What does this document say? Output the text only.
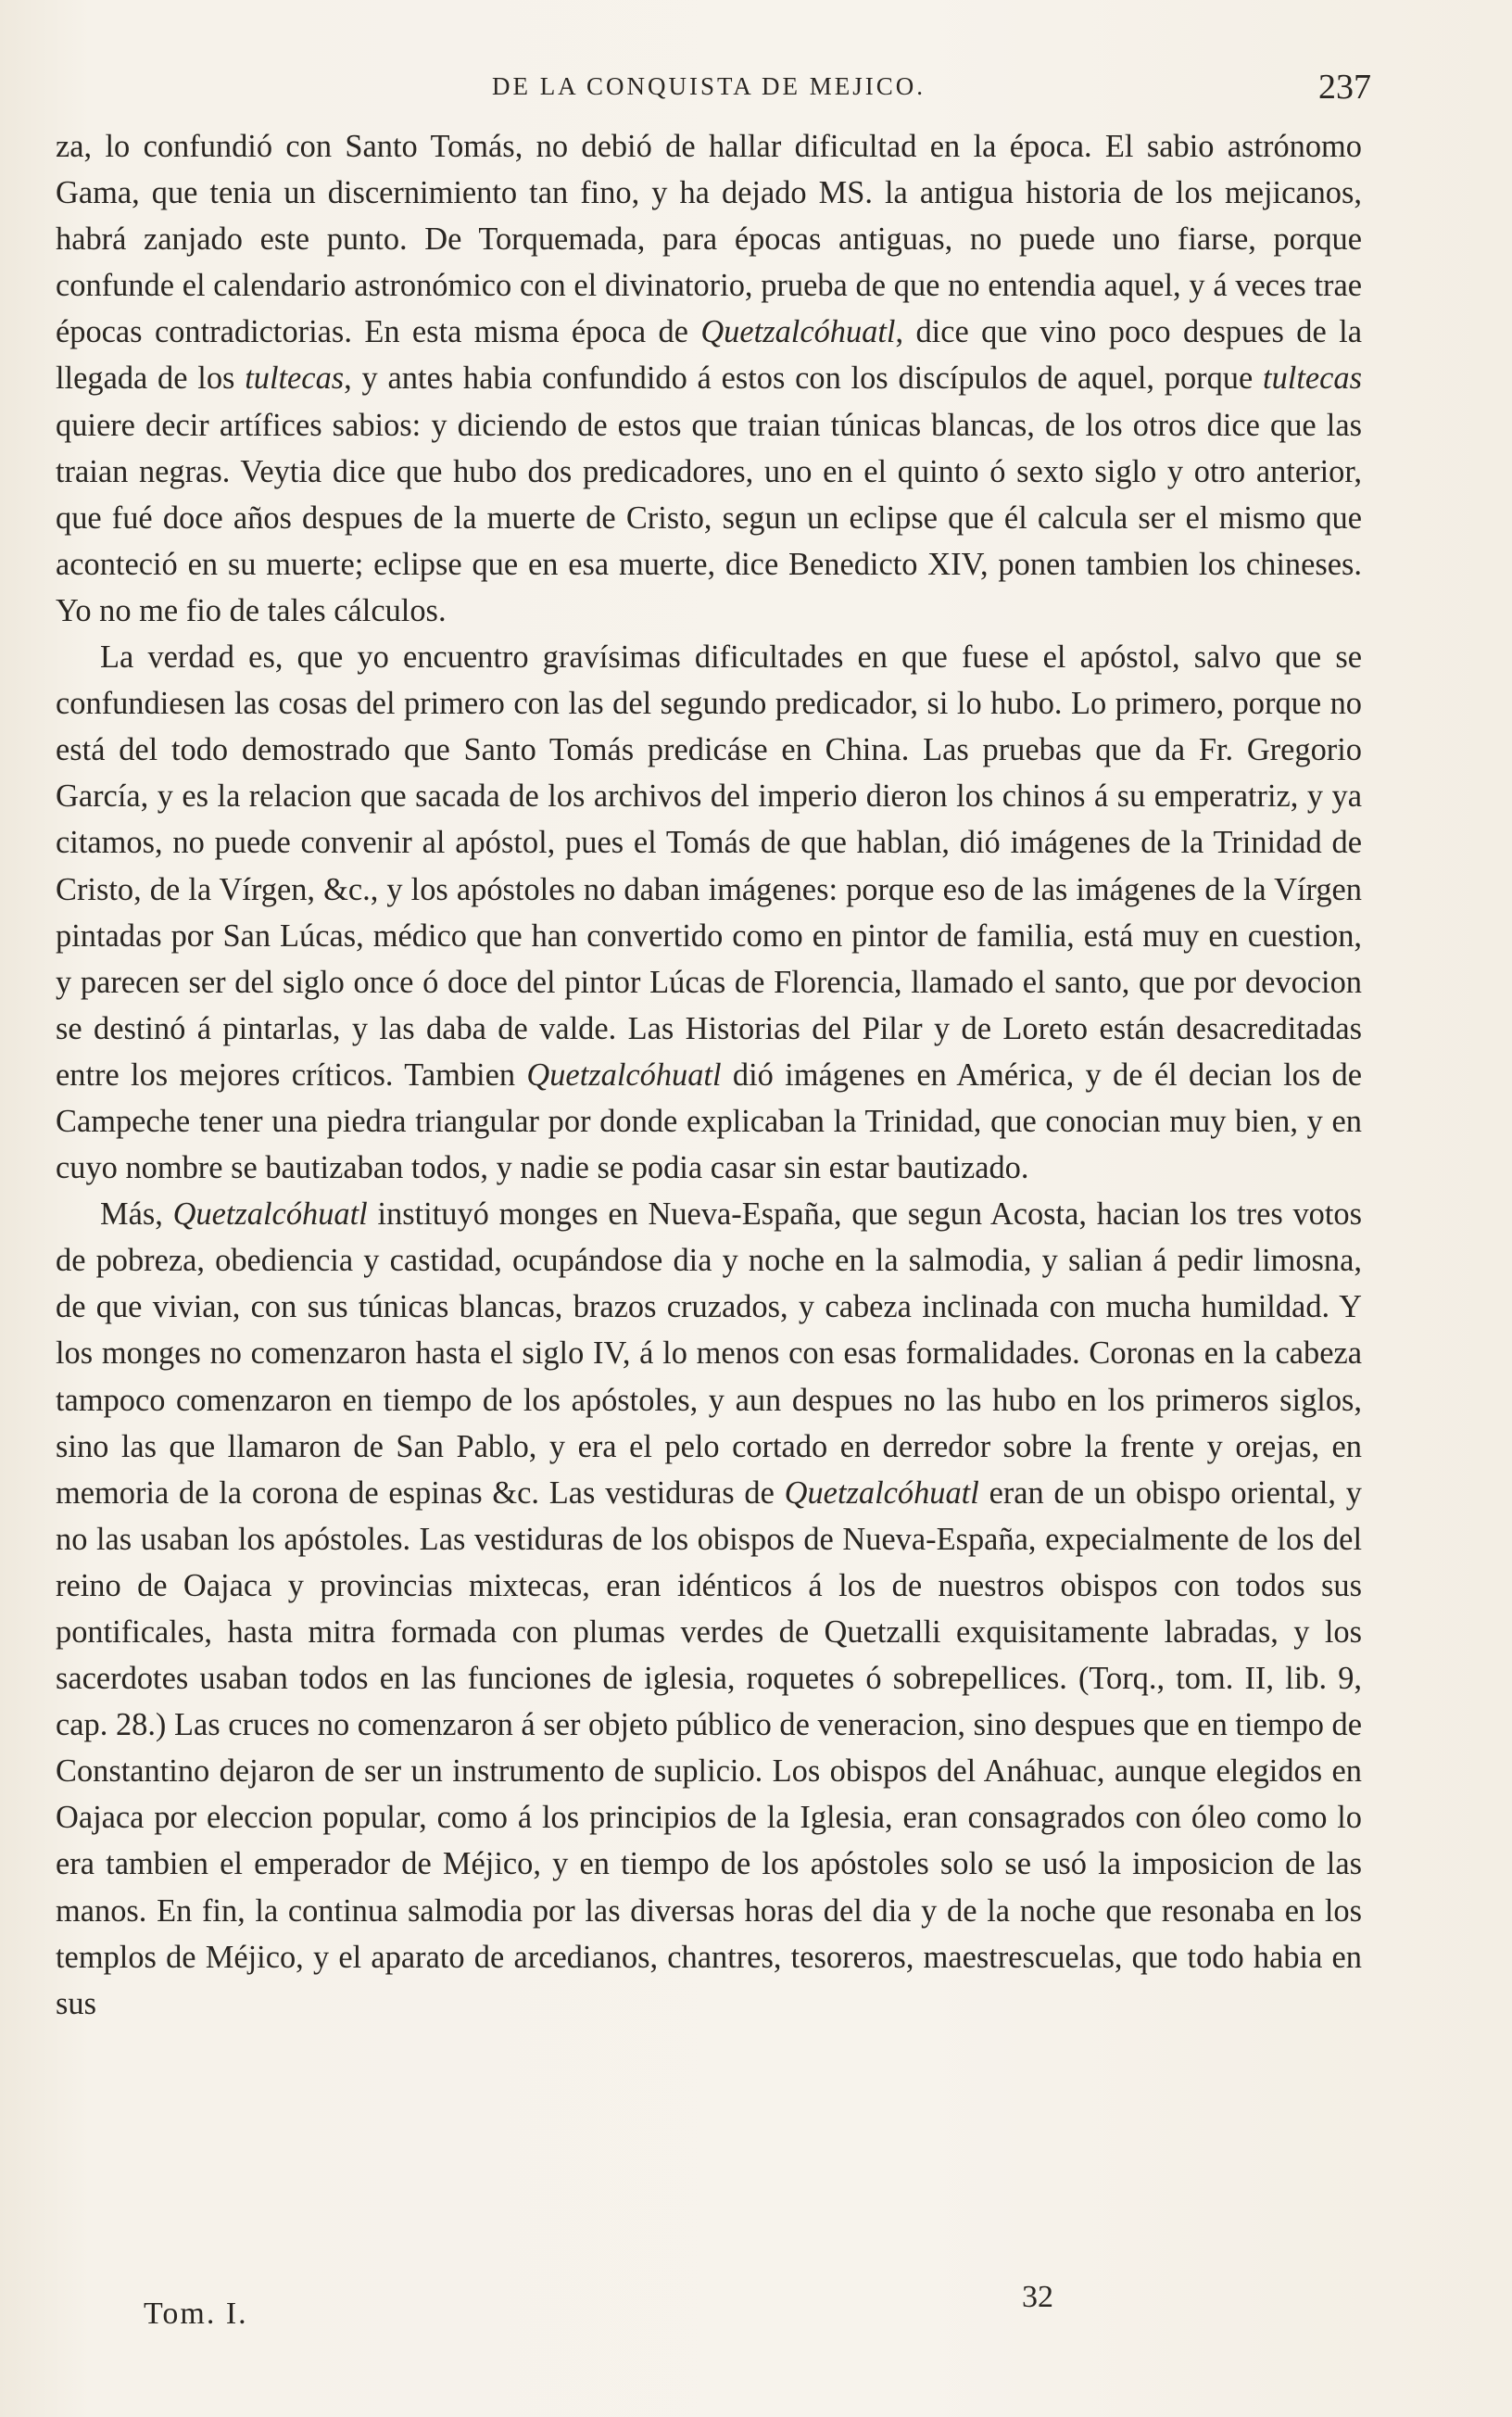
DE LA CONQUISTA DE MEJICO.	237

za, lo confundió con Santo Tomás, no debió de hallar dificultad en la época. El sabio astrónomo Gama, que tenia un discernimiento tan fino, y ha dejado MS. la antigua historia de los mejicanos, habrá zanjado este punto. De Torquemada, para épocas antiguas, no puede uno fiarse, porque confunde el calendario astronómico con el divinatorio, prueba de que no entendia aquel, y á veces trae épocas contradictorias. En esta misma época de Quetzalcóhuatl, dice que vino poco despues de la llegada de los tultecas, y antes habia confundido á estos con los discípulos de aquel, porque tultecas quiere decir artífices sabios: y diciendo de estos que traian túnicas blancas, de los otros dice que las traian negras. Veytia dice que hubo dos predicadores, uno en el quinto ó sexto siglo y otro anterior, que fué doce años despues de la muerte de Cristo, segun un eclipse que él calcula ser el mismo que aconteció en su muerte; eclipse que en esa muerte, dice Benedicto XIV, ponen tambien los chineses. Yo no me fio de tales cálculos.

La verdad es, que yo encuentro gravísimas dificultades en que fuese el apóstol, salvo que se confundiesen las cosas del primero con las del segundo predicador, si lo hubo. Lo primero, porque no está del todo demostrado que Santo Tomás predicáse en China. Las pruebas que da Fr. Gregorio García, y es la relacion que sacada de los archivos del imperio dieron los chinos á su emperatriz, y ya citamos, no puede convenir al apóstol, pues el Tomás de que hablan, dió imágenes de la Trinidad de Cristo, de la Vírgen, &c., y los apóstoles no daban imágenes: porque eso de las imágenes de la Vírgen pintadas por San Lúcas, médico que han convertido como en pintor de familia, está muy en cuestion, y parecen ser del siglo once ó doce del pintor Lúcas de Florencia, llamado el santo, que por devocion se destinó á pintarlas, y las daba de valde. Las Historias del Pilar y de Loreto están desacreditadas entre los mejores críticos. Tambien Quetzalcóhuatl dió imágenes en América, y de él decian los de Campeche tener una piedra triangular por donde explicaban la Trinidad, que conocian muy bien, y en cuyo nombre se bautizaban todos, y nadie se podia casar sin estar bautizado.

Más, Quetzalcóhuatl instituyó monges en Nueva-España, que segun Acosta, hacian los tres votos de pobreza, obediencia y castidad, ocupándose dia y noche en la salmodia, y salian á pedir limosna, de que vivian, con sus túnicas blancas, brazos cruzados, y cabeza inclinada con mucha humildad. Y los monges no comenzaron hasta el siglo IV, á lo menos con esas formalidades. Coronas en la cabeza tampoco comenzaron en tiempo de los apóstoles, y aun despues no las hubo en los primeros siglos, sino las que llamaron de San Pablo, y era el pelo cortado en derredor sobre la frente y orejas, en memoria de la corona de espinas &c. Las vestiduras de Quetzalcóhuatl eran de un obispo oriental, y no las usaban los apóstoles. Las vestiduras de los obispos de Nueva-España, expecialmente de los del reino de Oajaca y provincias mixtecas, eran idénticos á los de nuestros obispos con todos sus pontificales, hasta mitra formada con plumas verdes de Quetzalli exquisitamente labradas, y los sacerdotes usaban todos en las funciones de iglesia, roquetes ó sobrepellices. (Torq., tom. II, lib. 9, cap. 28.) Las cruces no comenzaron á ser objeto público de veneracion, sino despues que en tiempo de Constantino dejaron de ser un instrumento de suplicio. Los obispos del Anáhuac, aunque elegidos en Oajaca por eleccion popular, como á los principios de la Iglesia, eran consagrados con óleo como lo era tambien el emperador de Méjico, y en tiempo de los apóstoles solo se usó la imposicion de las manos. En fin, la continua salmodia por las diversas horas del dia y de la noche que resonaba en los templos de Méjico, y el aparato de arcedianos, chantres, tesoreros, maestrescuelas, que todo habia en sus

Tom. I.	32
